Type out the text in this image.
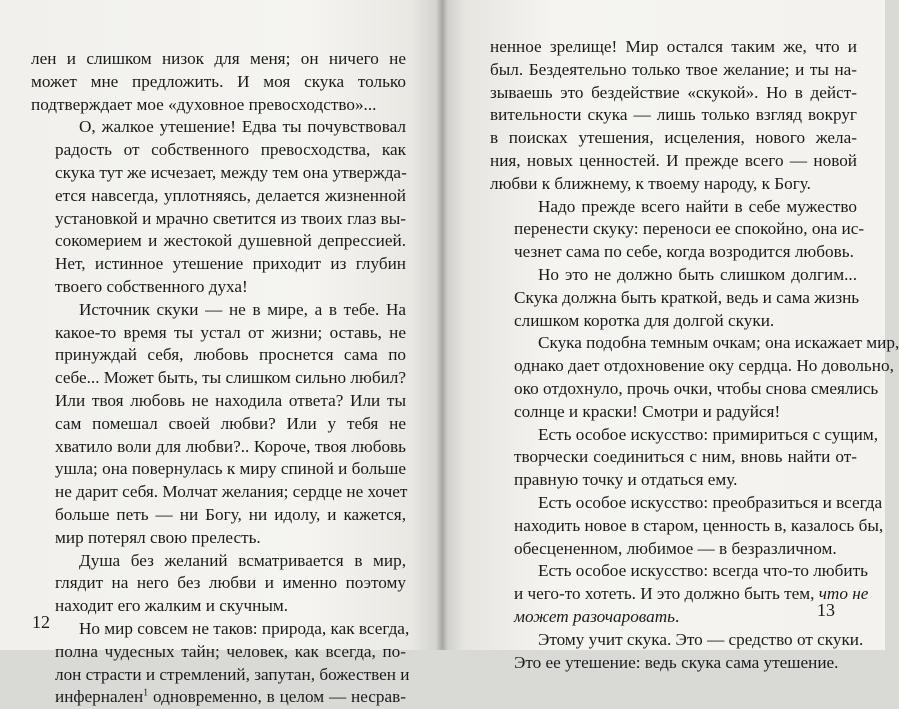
лен и слишком низок для меня; он ничего не
может мне предложить. И моя скука только
подтверждает мое «духовное превосходство»...
О, жалкое утешение! Едва ты почувствовал
радость от собственного превосходства, как
скука тут же исчезает, между тем она утвержда-
ется навсегда, уплотняясь, делается жизненной
установкой и мрачно светится из твоих глаз вы-
сокомерием и жестокой душевной депрессией.
Нет, истинное утешение приходит из глубин
твоего собственного духа!
Источник скуки — не в мире, а в тебе. На
какое-то время ты устал от жизни; оставь, не
принуждай себя, любовь проснется сама по
себе... Может быть, ты слишком сильно любил?
Или твоя любовь не находила ответа? Или ты
сам помешал своей любви? Или у тебя не
хватило воли для любви?.. Короче, твоя любовь
ушла; она повернулась к миру спиной и больше
не дарит себя. Молчат желания; сердце не хочет
больше петь — ни Богу, ни идолу, и кажется,
мир потерял свою прелесть.
Душа без желаний всматривается в мир,
глядит на него без любви и именно поэтому
находит его жалким и скучным.
Но мир совсем не таков: природа, как всегда,
полна чудесных тайн; человек, как всегда, по-
лон страсти и стремлений, запутан, божествен и
инферналeн$^1$ одновременно, в целом — несрав-
12
ненное зрелище! Мир остался таким же, что и
был. Бездеятельно только твое желание; и ты на-
зываешь это бездействие «скукой». Но в дейст-
вительности скука — лишь только взгляд вокруг
в поисках утешения, исцеления, нового жела-
ния, новых ценностей. И прежде всего — новой
любви к ближнему, к твоему народу, к Богу.
Надо прежде всего найти в себе мужество
перенести скуку: переноси ее спокойно, она ис-
чезнет сама по себе, когда возродится любовь.
Но это не должно быть слишком долгим...
Скука должна быть краткой, ведь и сама жизнь
слишком коротка для долгой скуки.
Скука подобна темным очкам; она искажает мир,
однако дает отдохновение оку сердца. Но довольно,
око отдохнуло, прочь очки, чтобы снова смеялись
солнце и краски! Смотри и радуйся!
Есть особое искусство: примириться с сущим,
творчески соединиться с ним, вновь найти от-
правную точку и отдаться ему.
Есть особое искусство: преобразиться и всегда
находить новое в старом, ценность в, казалось бы,
обесцененном, любимое — в безразличном.
Есть особое искусство: всегда что-то любить
и чего-то хотеть. И это должно быть тем, что не
может разочаровать.
Этому учит скука. Это — средство от скуки.
Это ее утешение: ведь скука сама утешение.
13
